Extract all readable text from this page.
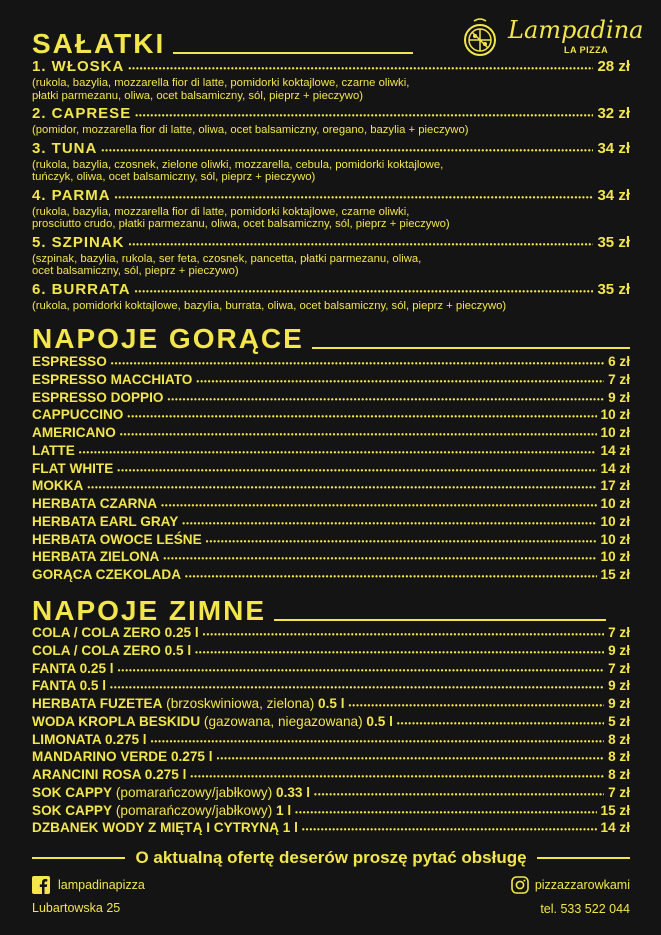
SAŁATKI	Lampadina
LA PIZZA
1. WŁOSKA •••••	28 zł
(rukola, bazylia, mozzarella fior di latte, pomidorki koktajlowe, czarne oliwki,
płatki parmezanu, oliwa, ocet balsamiczny, sól, pieprz + pieczywo)
2. CAPRESE •••••	32 zł
(pomidor, mozzarella fior di latte, oliwa, ocet balsamiczny, oregano, bazylia + pieczywo)
3. TUNA •••••	34 zł
(rukola, bazylia, czosnek, zielone oliwki, mozzarella, cebula, pomidorki koktajlowe,
tuńczyk, oliwa, ocet balsamiczny, sól, pieprz + pieczywo)
4. PARMA •••••	34 zł
(rukola, bazylia, mozzarella fior di latte, pomidorki koktajlowe, czarne oliwki,
prosciutto crudo, płatki parmezanu, oliwa, ocet balsamiczny, sól, pieprz + pieczywo)
5. SZPINAK •••••	35 zł
(szpinak, bazylia, rukola, ser feta, czosnek, pancetta, płatki parmezanu, oliwa,
ocet balsamiczny, sól, pieprz + pieczywo)
6. BURRATA •••••	35 zł
(rukola, pomidorki koktajlowe, bazylia, burrata, oliwa, ocet balsamiczny, sól, pieprz + pieczywo)
NAPOJE GORĄCE
ESPRESSO •••••	6 zł
ESPRESSO MACCHIATO •••••	7 zł
ESPRESSO DOPPIO •••••	9 zł
CAPPUCCINO •••••	10 zł
AMERICANO •••••	10 zł
LATTE •••••	14 zł
FLAT WHITE •••••	14 zł
MOKKA •••••	17 zł
HERBATA CZARNA •••••	10 zł
HERBATA EARL GRAY •••••	10 zł
HERBATA OWOCE LEŚNE •••••	10 zł
HERBATA ZIELONA •••••	10 zł
GORĄCA CZEKOLADA •••••	15 zł
NAPOJE ZIMNE
COLA / COLA ZERO 0.25 l •••••	7 zł
COLA / COLA ZERO 0.5 l •••••	9 zł
FANTA 0.25 l •••••	7 zł
FANTA 0.5 l •••••	9 zł
HERBATA FUZETEA (brzoskwiniowa, zielona) 0.5 l •••••	9 zł
WODA KROPLA BESKIDU (gazowana, niegazowana) 0.5 l •••••	5 zł
LIMONATA 0.275 l •••••	8 zł
MANDARINO VERDE 0.275 l •••••	8 zł
ARANCINI ROSA 0.275 l •••••	8 zł
SOK CAPPY (pomarańczowy/jabłkowy) 0.33 l •••••	7 zł
SOK CAPPY (pomarańczowy/jabłkowy) 1 l •••••	15 zł
DZBANEK WODY Z MIĘTĄ I CYTRYNĄ 1 l •••••	14 zł
O aktualną ofertę deserów proszę pytać obsługę
lampadinapizza
Lubartowska 25
pizzazzarowkami
tel. 533 522 044
